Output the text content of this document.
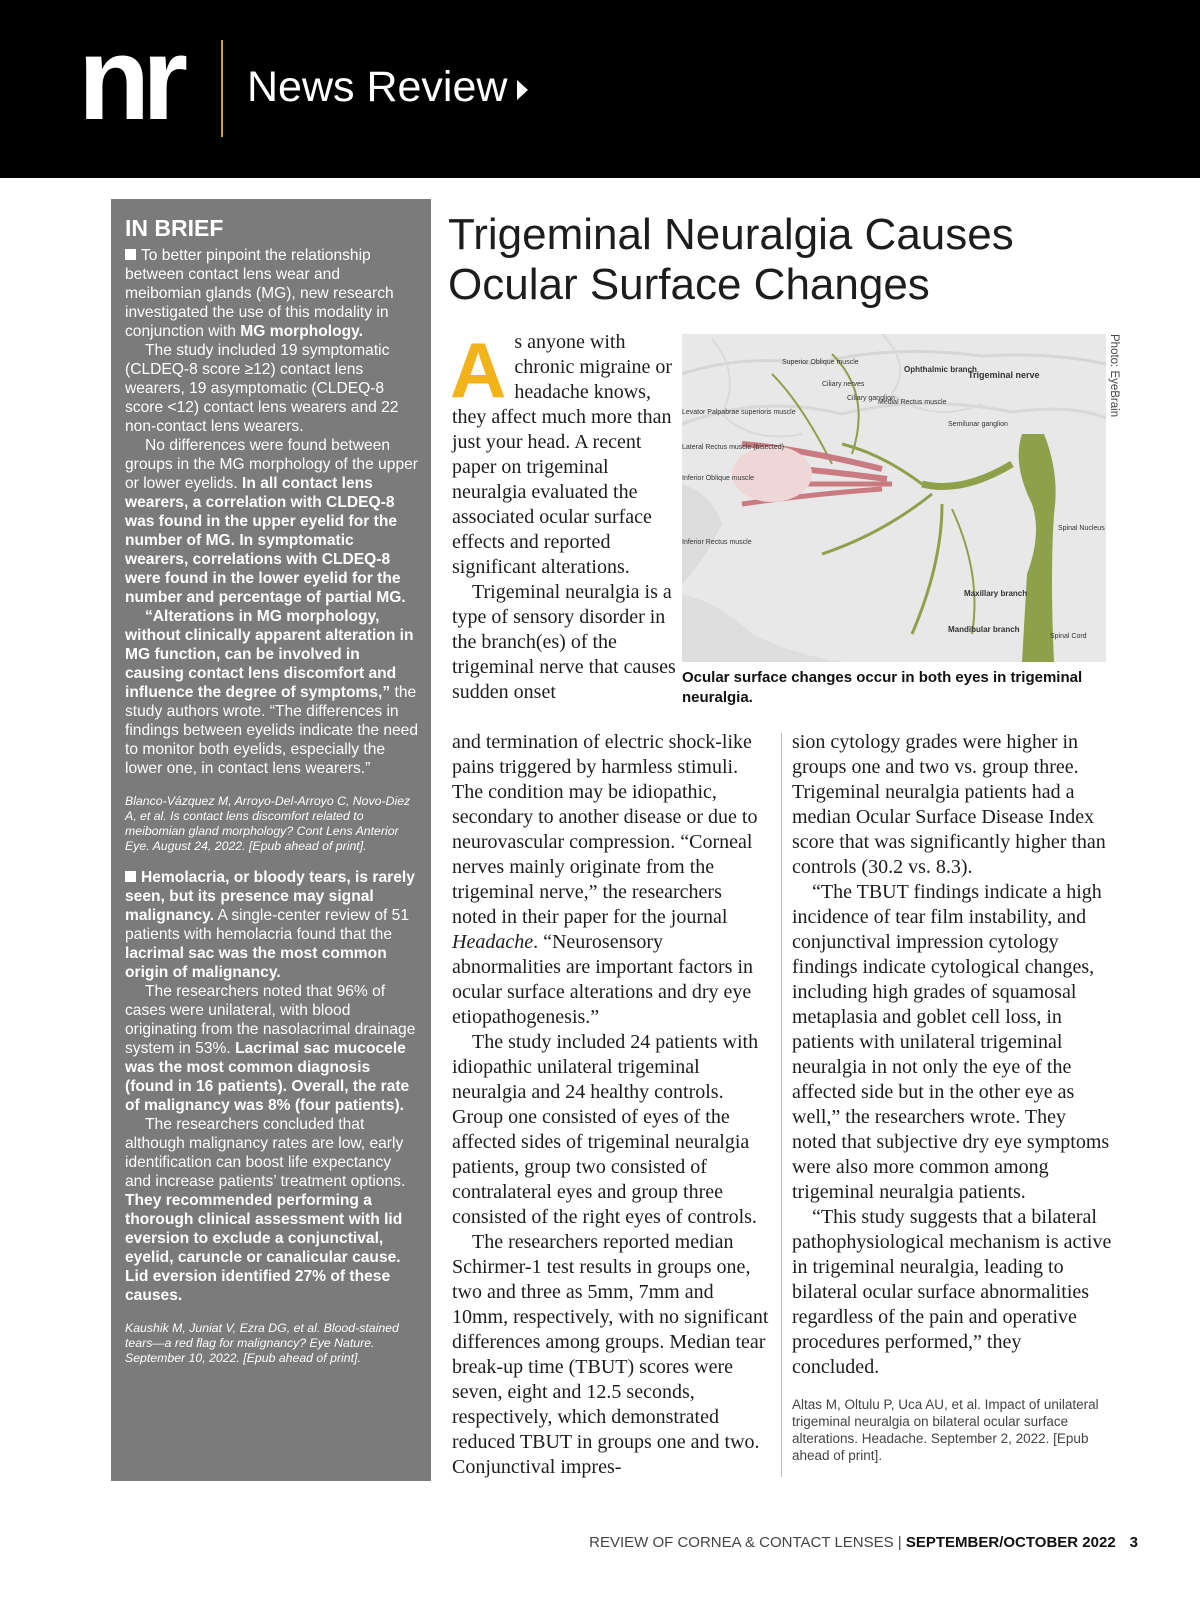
nr News Review
IN BRIEF

To better pinpoint the relationship between contact lens wear and meibomian glands (MG), new research investigated the use of this modality in conjunction with MG morphology.

The study included 19 symptomatic (CLDEQ-8 score ≥12) contact lens wearers, 19 asymptomatic (CLDEQ-8 score <12) contact lens wearers and 22 non-contact lens wearers.

No differences were found between groups in the MG morphology of the upper or lower eyelids. In all contact lens wearers, a correlation with CLDEQ-8 was found in the upper eyelid for the number of MG. In symptomatic wearers, correlations with CLDEQ-8 were found in the lower eyelid for the number and percentage of partial MG.

“Alterations in MG morphology, without clinically apparent alteration in MG function, can be involved in causing contact lens discomfort and influence the degree of symptoms,” the study authors wrote. “The differences in findings between eyelids indicate the need to monitor both eyelids, especially the lower one, in contact lens wearers.”

Blanco-Vázquez M, Arroyo-Del-Arroyo C, Novo-Diez A, et al. Is contact lens discomfort related to meibomian gland morphology? Cont Lens Anterior Eye. August 24, 2022. [Epub ahead of print].

Hemolacria, or bloody tears, is rarely seen, but its presence may signal malignancy. A single-center review of 51 patients with hemolacria found that the lacrimal sac was the most common origin of malignancy.

The researchers noted that 96% of cases were unilateral, with blood originating from the nasolacrimal drainage system in 53%. Lacrimal sac mucocele was the most common diagnosis (found in 16 patients). Overall, the rate of malignancy was 8% (four patients).

The researchers concluded that although malignancy rates are low, early identification can boost life expectancy and increase patients’ treatment options. They recommended performing a thorough clinical assessment with lid eversion to exclude a conjunctival, eyelid, caruncle or canalicular cause. Lid eversion identified 27% of these causes.

Kaushik M, Juniat V, Ezra DG, et al. Blood-stained tears—a red flag for malignancy? Eye Nature. September 10, 2022. [Epub ahead of print].

Trigeminal Neuralgia Causes
Ocular Surface Changes
Superior Oblique muscle
Ciliary nerves
Ciliary ganglion
Medial Rectus muscle
Ophthalmic branch
Trigeminal nerve
Semilunar ganglion
Levator Palpabrae superioris muscle
Lateral Rectus muscle (bisected)
Inferior Oblique muscle
Inferior Rectus muscle
Spinal Nucleus
Maxillary branch
Mandibular branch
Spinal Cord
Photo: EyeBrain
Ocular surface changes occur in both eyes in trigeminal neuralgia.

As anyone with chronic migraine or headache knows, they affect much more than just your head. A recent paper on trigeminal neuralgia evaluated the associated ocular surface effects and reported significant alterations.

Trigeminal neuralgia is a type of sensory disorder in the branch(es) of the trigeminal nerve that causes sudden onset

and termination of electric shock-like pains triggered by harmless stimuli. The condition may be idiopathic, secondary to another disease or due to neurovascular compression. “Corneal nerves mainly originate from the trigeminal nerve,” the researchers noted in their paper for the journal Headache. “Neurosensory abnormalities are important factors in ocular surface alterations and dry eye etiopathogenesis.”

The study included 24 patients with idiopathic unilateral trigeminal neuralgia and 24 healthy controls. Group one consisted of eyes of the affected sides of trigeminal neuralgia patients, group two consisted of contralateral eyes and group three consisted of the right eyes of controls.

The researchers reported median Schirmer-1 test results in groups one, two and three as 5mm, 7mm and 10mm, respectively, with no significant differences among groups. Median tear break-up time (TBUT) scores were seven, eight and 12.5 seconds, respectively, which demonstrated reduced TBUT in groups one and two. Conjunctival impres-

sion cytology grades were higher in groups one and two vs. group three. Trigeminal neuralgia patients had a median Ocular Surface Disease Index score that was significantly higher than controls (30.2 vs. 8.3).

“The TBUT findings indicate a high incidence of tear film instability, and conjunctival impression cytology findings indicate cytological changes, including high grades of squamosal metaplasia and goblet cell loss, in patients with unilateral trigeminal neuralgia in not only the eye of the affected side but in the other eye as well,” the researchers wrote. They noted that subjective dry eye symptoms were also more common among trigeminal neuralgia patients.

“This study suggests that a bilateral pathophysiological mechanism is active in trigeminal neuralgia, leading to bilateral ocular surface abnormalities regardless of the pain and operative procedures performed,” they concluded.

Altas M, Oltulu P, Uca AU, et al. Impact of unilateral trigeminal neuralgia on bilateral ocular surface alterations. Headache. September 2, 2022. [Epub ahead of print].

REVIEW OF CORNEA & CONTACT LENSES | SEPTEMBER/OCTOBER 2022 3
